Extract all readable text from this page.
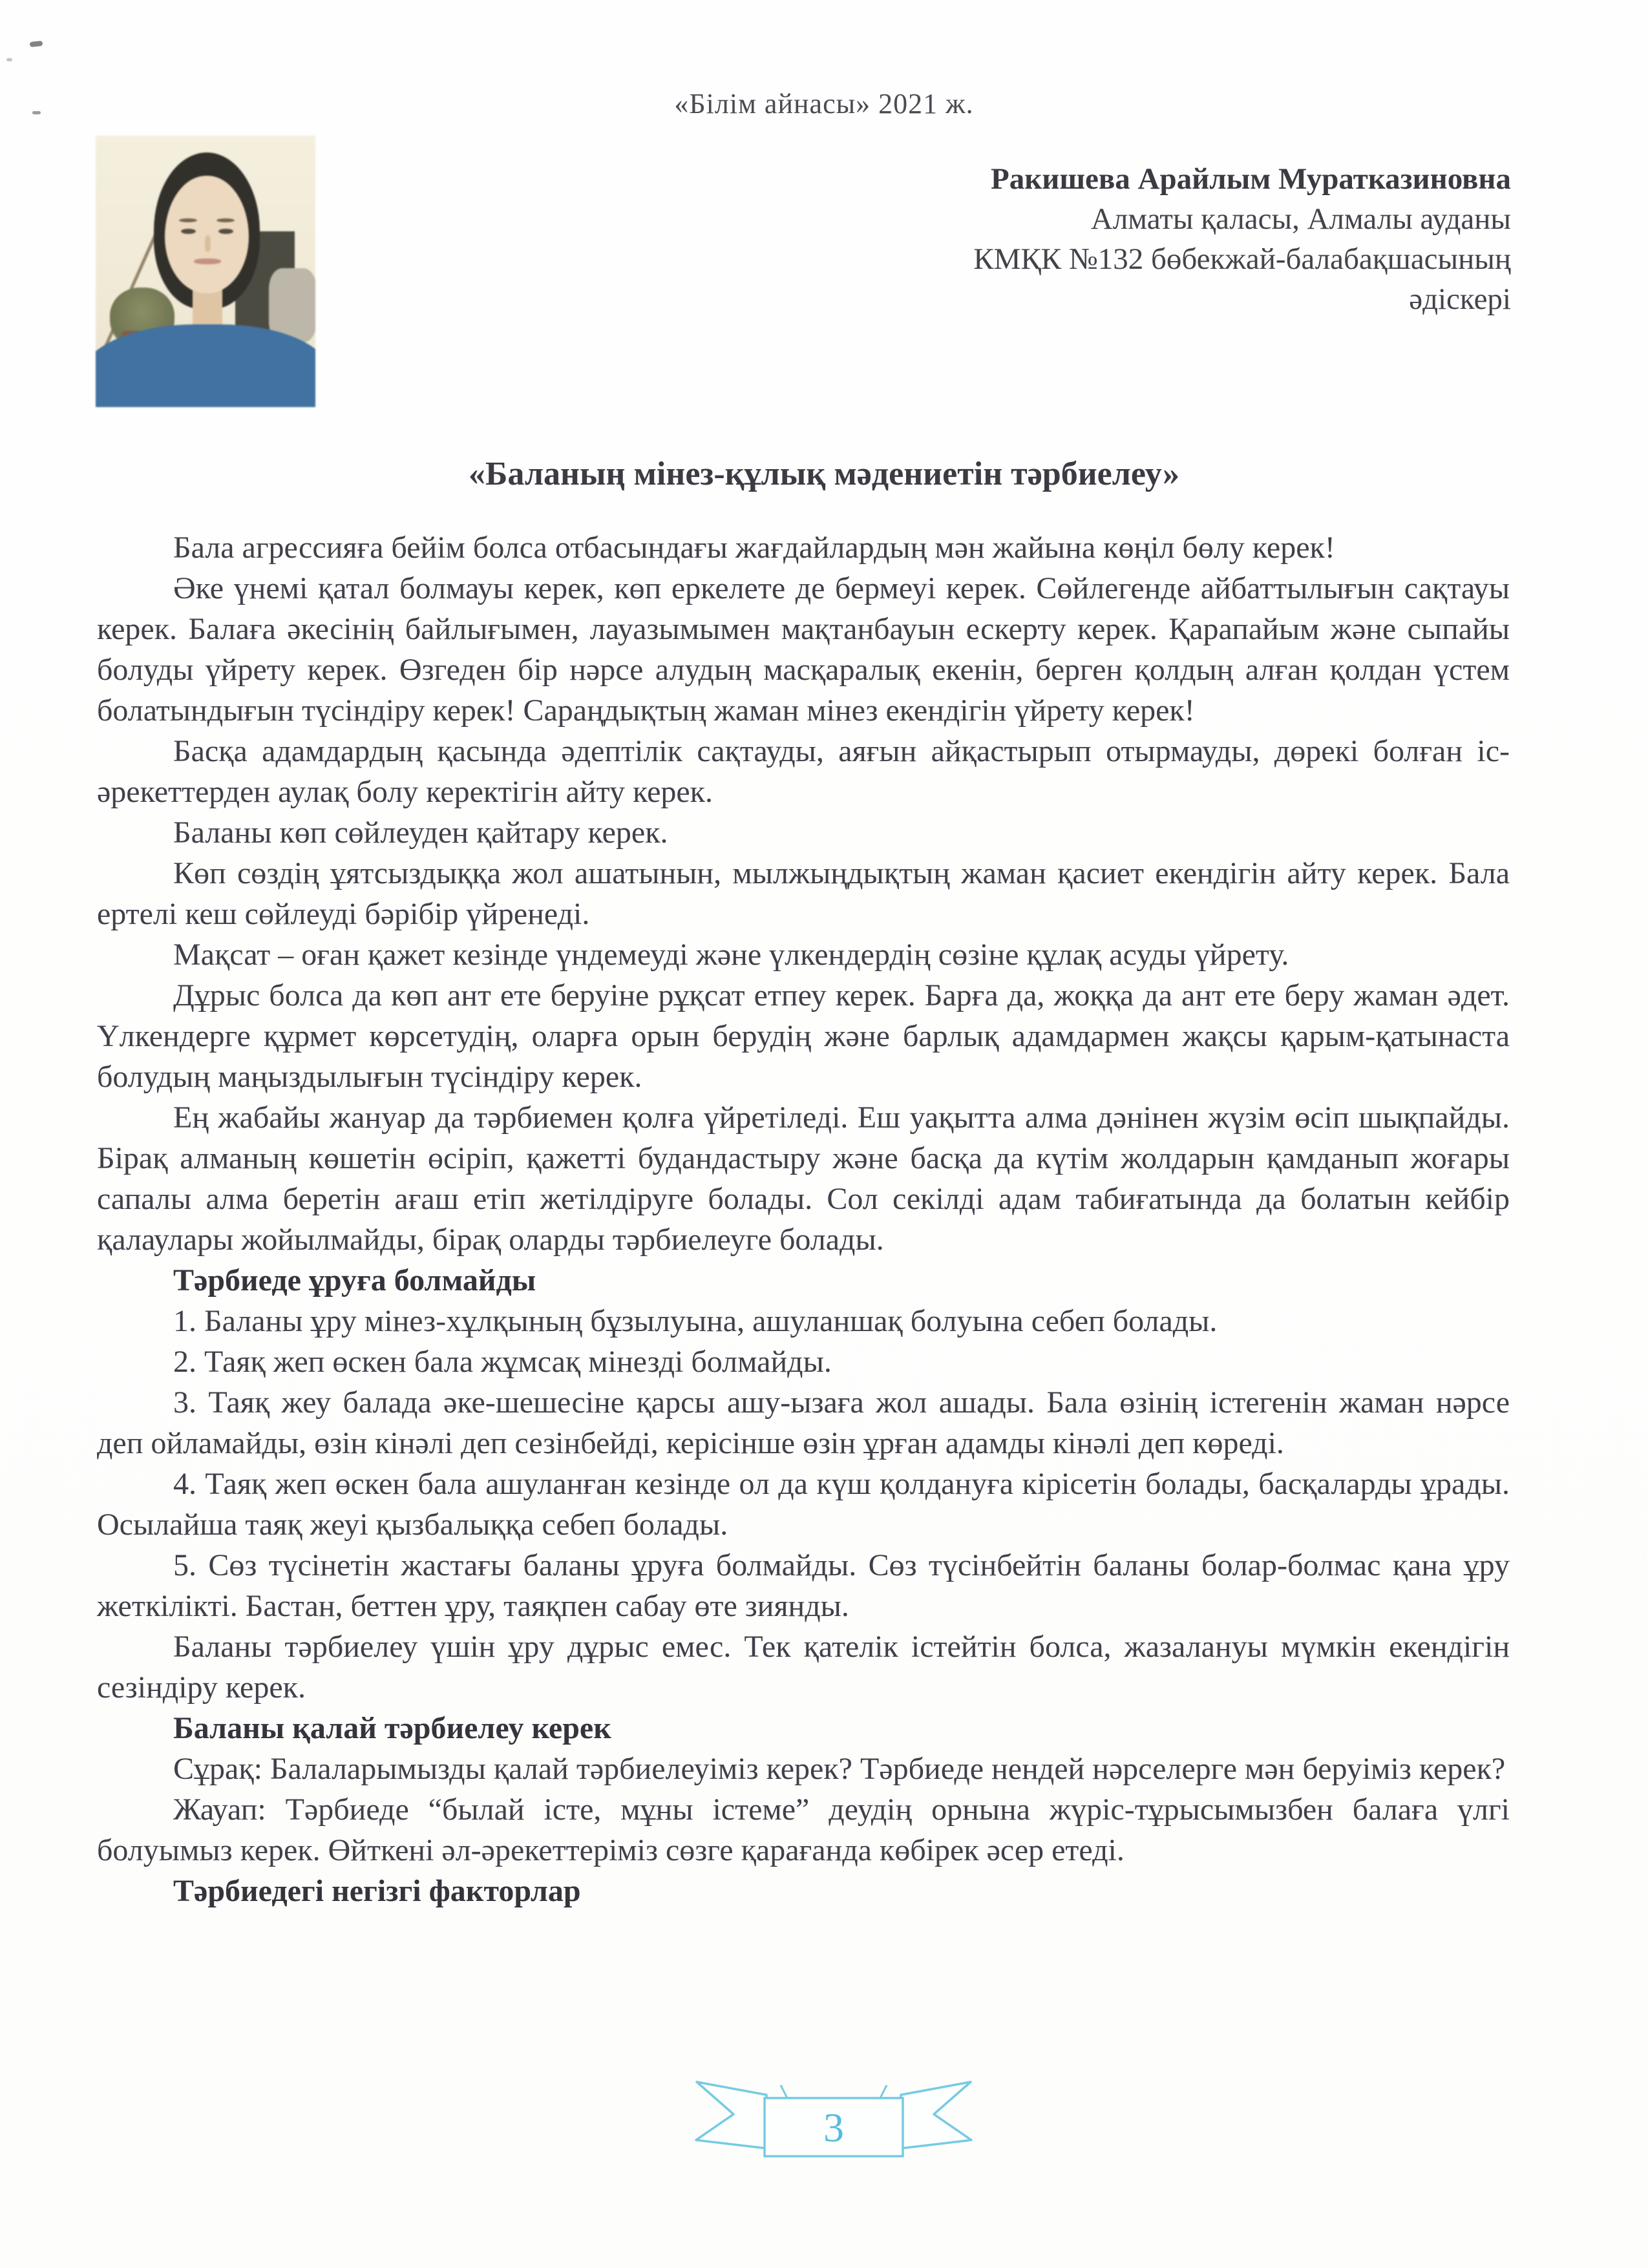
«Білім айнасы» 2021 ж.
Ракишева Арайлым Муратказиновна
Алматы қаласы, Алмалы ауданы
КМҚК №132 бөбекжай-балабақшасының
әдіскері
«Баланың мінез-құлық мәдениетін тәрбиелеу»

Бала агрессияға бейім болса отбасындағы жағдайлардың мән жайына көңіл бөлу керек!

Әке үнемі қатал болмауы керек, көп еркелете де бермеуі керек. Сөйлегенде айбаттылығын сақтауы керек. Балаға әкесінің байлығымен, лауазымымен мақтанбауын ескерту керек. Қарапайым және сыпайы болуды үйрету керек. Өзгеден бір нәрсе алудың масқаралық екенін, берген қолдың алған қолдан үстем болатындығын түсіндіру керек! Сараңдықтың жаман мінез екендігін үйрету керек!

Басқа адамдардың қасында әдептілік сақтауды, аяғын айқастырып отырмауды, дөрекі болған іс-әрекеттерден аулақ болу керектігін айту керек.

Баланы көп сөйлеуден қайтару керек.

Көп сөздің ұятсыздыққа жол ашатынын, мылжыңдықтың жаман қасиет екендігін айту керек. Бала ертелі кеш сөйлеуді бәрібір үйренеді.

Мақсат – оған қажет кезінде үндемеуді және үлкендердің сөзіне құлақ асуды үйрету.

Дұрыс болса да көп ант ете беруіне рұқсат етпеу керек. Барға да, жоққа да ант ете беру жаман әдет. Үлкендерге құрмет көрсетудің, оларға орын берудің және барлық адамдармен жақсы қарым-қатынаста болудың маңыздылығын түсіндіру керек.

Ең жабайы жануар да тәрбиемен қолға үйретіледі. Еш уақытта алма дәнінен жүзім өсіп шықпайды. Бірақ алманың көшетін өсіріп, қажетті будандастыру және басқа да күтім жолдарын қамданып жоғары сапалы алма беретін ағаш етіп жетілдіруге болады. Сол секілді адам табиғатында да болатын кейбір қалаулары жойылмайды, бірақ оларды тәрбиелеуге болады.

Тәрбиеде ұруға болмайды

1. Баланы ұру мінез-хұлқының бұзылуына, ашуланшақ болуына себеп болады.

2. Таяқ жеп өскен бала жұмсақ мінезді болмайды.

3. Таяқ жеу балада әке-шешесіне қарсы ашу-ызаға жол ашады. Бала өзінің істегенін жаман нәрсе деп ойламайды, өзін кінәлі деп сезінбейді, керісінше өзін ұрған адамды кінәлі деп көреді.

4. Таяқ жеп өскен бала ашуланған кезінде ол да күш қолдануға кірісетін болады, басқаларды ұрады. Осылайша таяқ жеуі қызбалыққа себеп болады.

5. Сөз түсінетін жастағы баланы ұруға болмайды. Сөз түсінбейтін баланы болар-болмас қана ұру жеткілікті. Бастан, беттен ұру, таяқпен сабау өте зиянды.

Баланы тәрбиелеу үшін ұру дұрыс емес. Тек қателік істейтін болса, жазалануы мүмкін екендігін сезіндіру керек.

Баланы қалай тәрбиелеу керек

Сұрақ: Балаларымызды қалай тәрбиелеуіміз керек? Тәрбиеде нендей нәрселерге мән беруіміз керек?

Жауап: Тәрбиеде “былай істе, мұны істеме” деудің орнына жүріс-тұрысымызбен балаға үлгі болуымыз керек. Өйткені әл-әрекеттеріміз сөзге қарағанда көбірек әсер етеді.

Тәрбиедегі негізгі факторлар

3
